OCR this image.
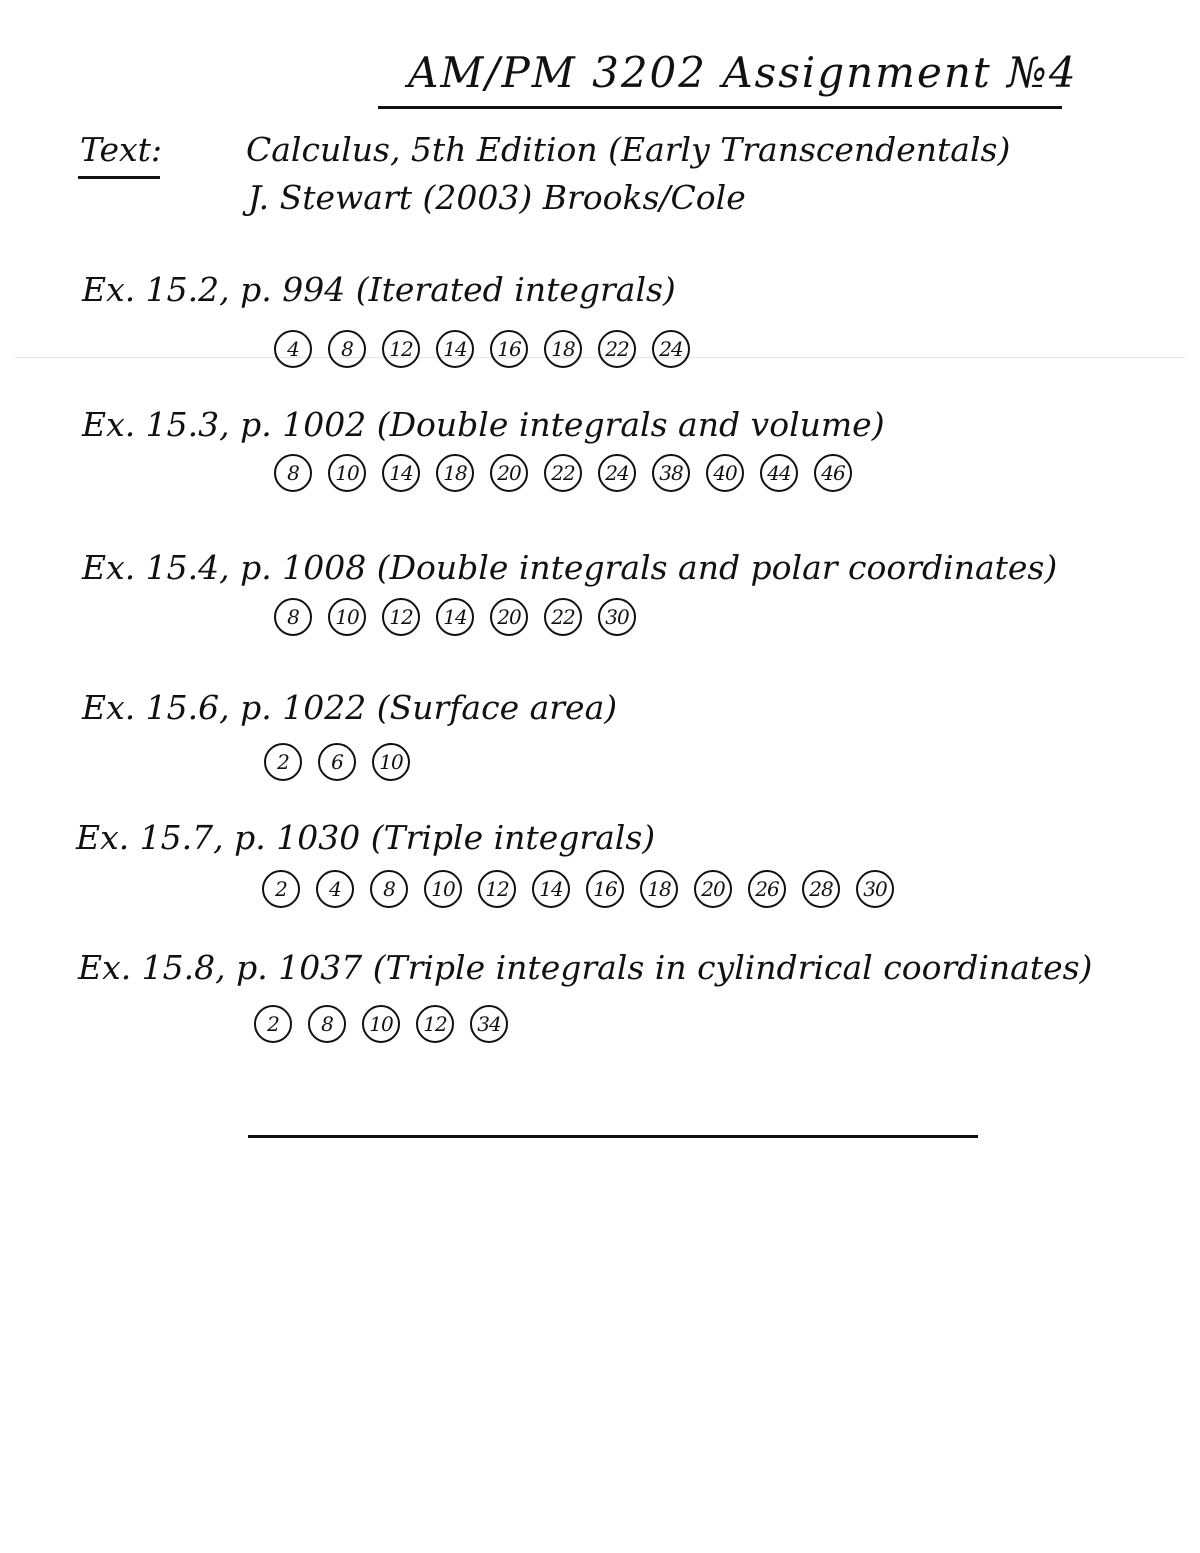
AM/PM 3202 Assignment №4
Text:	Calculus, 5th Edition (Early Transcendentals)
J. Stewart (2003) Brooks/Cole
Ex. 15.2, p. 994 (Iterated integrals)
4	8	12	14	16	18	22	24
Ex. 15.3, p. 1002 (Double integrals and volume)
8	10	14	18	20	22	24	38	40	44	46
Ex. 15.4, p. 1008 (Double integrals and polar coordinates)
8	10	12	14	20	22	30
Ex. 15.6, p. 1022 (Surface area)
2	6	10
Ex. 15.7, p. 1030 (Triple integrals)
2	4	8	10	12	14	16	18	20	26	28	30
Ex. 15.8, p. 1037 (Triple integrals in cylindrical coordinates)
2	8	10	12	34
